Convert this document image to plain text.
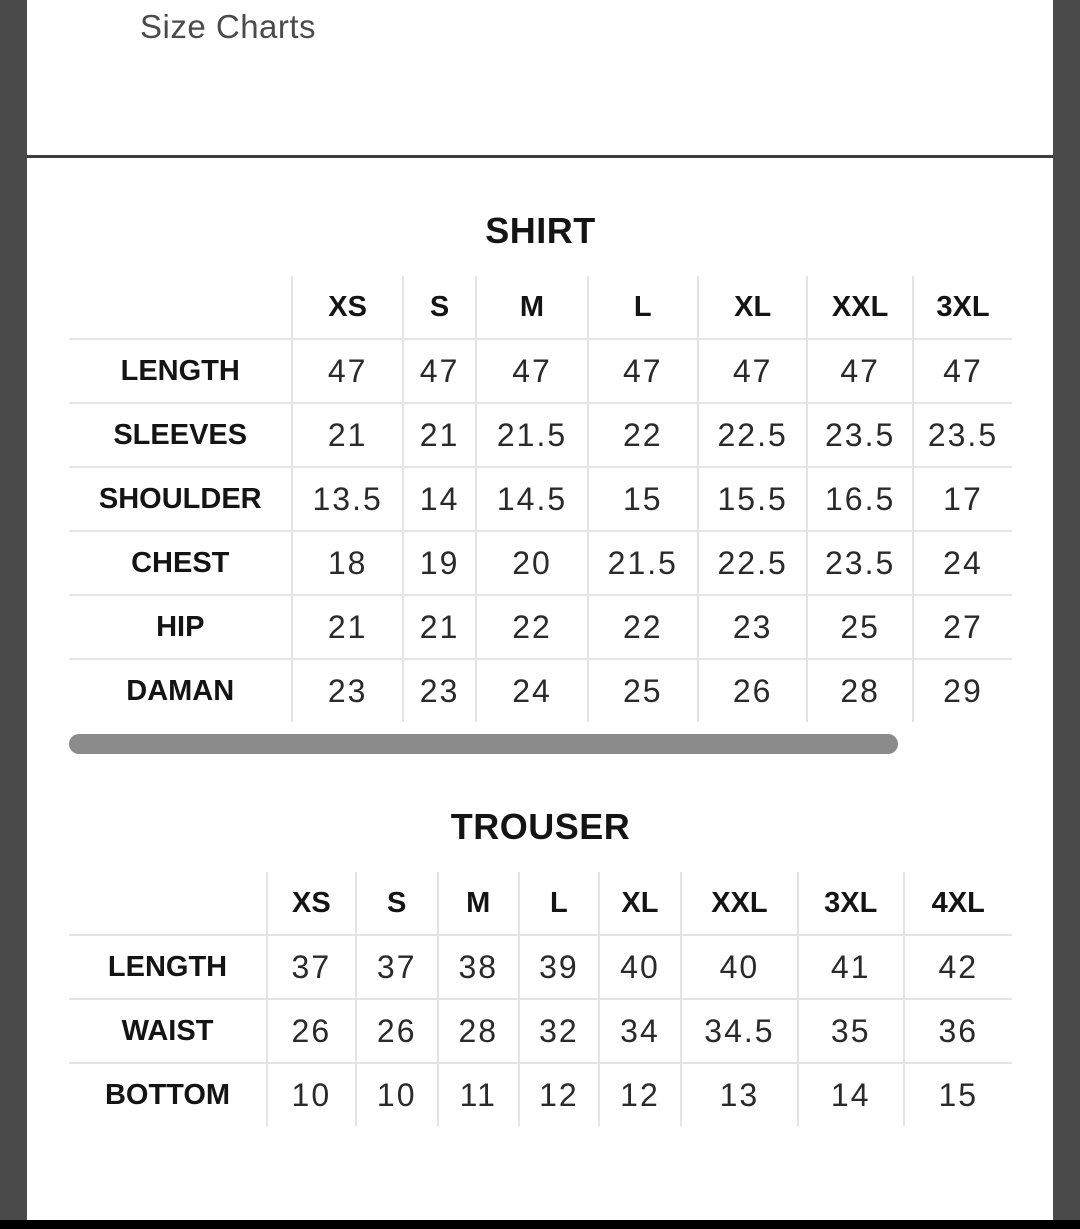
Size Charts
SHIRT
	XS	S	M	L	XL	XXL	3XL
LENGTH	47	47	47	47	47	47	47
SLEEVES	21	21	21.5	22	22.5	23.5	23.5
SHOULDER	13.5	14	14.5	15	15.5	16.5	17
CHEST	18	19	20	21.5	22.5	23.5	24
HIP	21	21	22	22	23	25	27
DAMAN	23	23	24	25	26	28	29
TROUSER
	XS	S	M	L	XL	XXL	3XL	4XL
LENGTH	37	37	38	39	40	40	41	42
WAIST	26	26	28	32	34	34.5	35	36
BOTTOM	10	10	11	12	12	13	14	15
